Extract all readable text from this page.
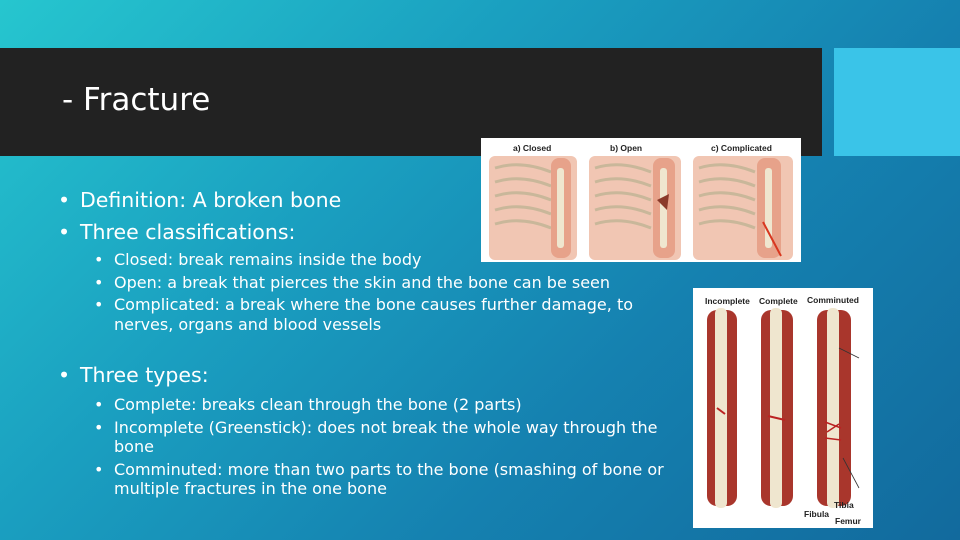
- Fracture
• Definition: A broken bone
• Three classifications:
• Closed: break remains inside the body
• Open: a break that pierces the skin and the bone can be seen
• Complicated: a break where the bone causes further damage, to nerves, organs and blood vessels
• Three types:
• Complete: breaks clean through the bone (2 parts)
• Incomplete (Greenstick): does not break the whole way through the bone
• Comminuted: more than two parts to the bone (smashing of bone or multiple fractures in the one bone
a) Closed	b) Open	c) Complicated
Incomplete Complete Comminuted
Tibia
Fibula
Femur
